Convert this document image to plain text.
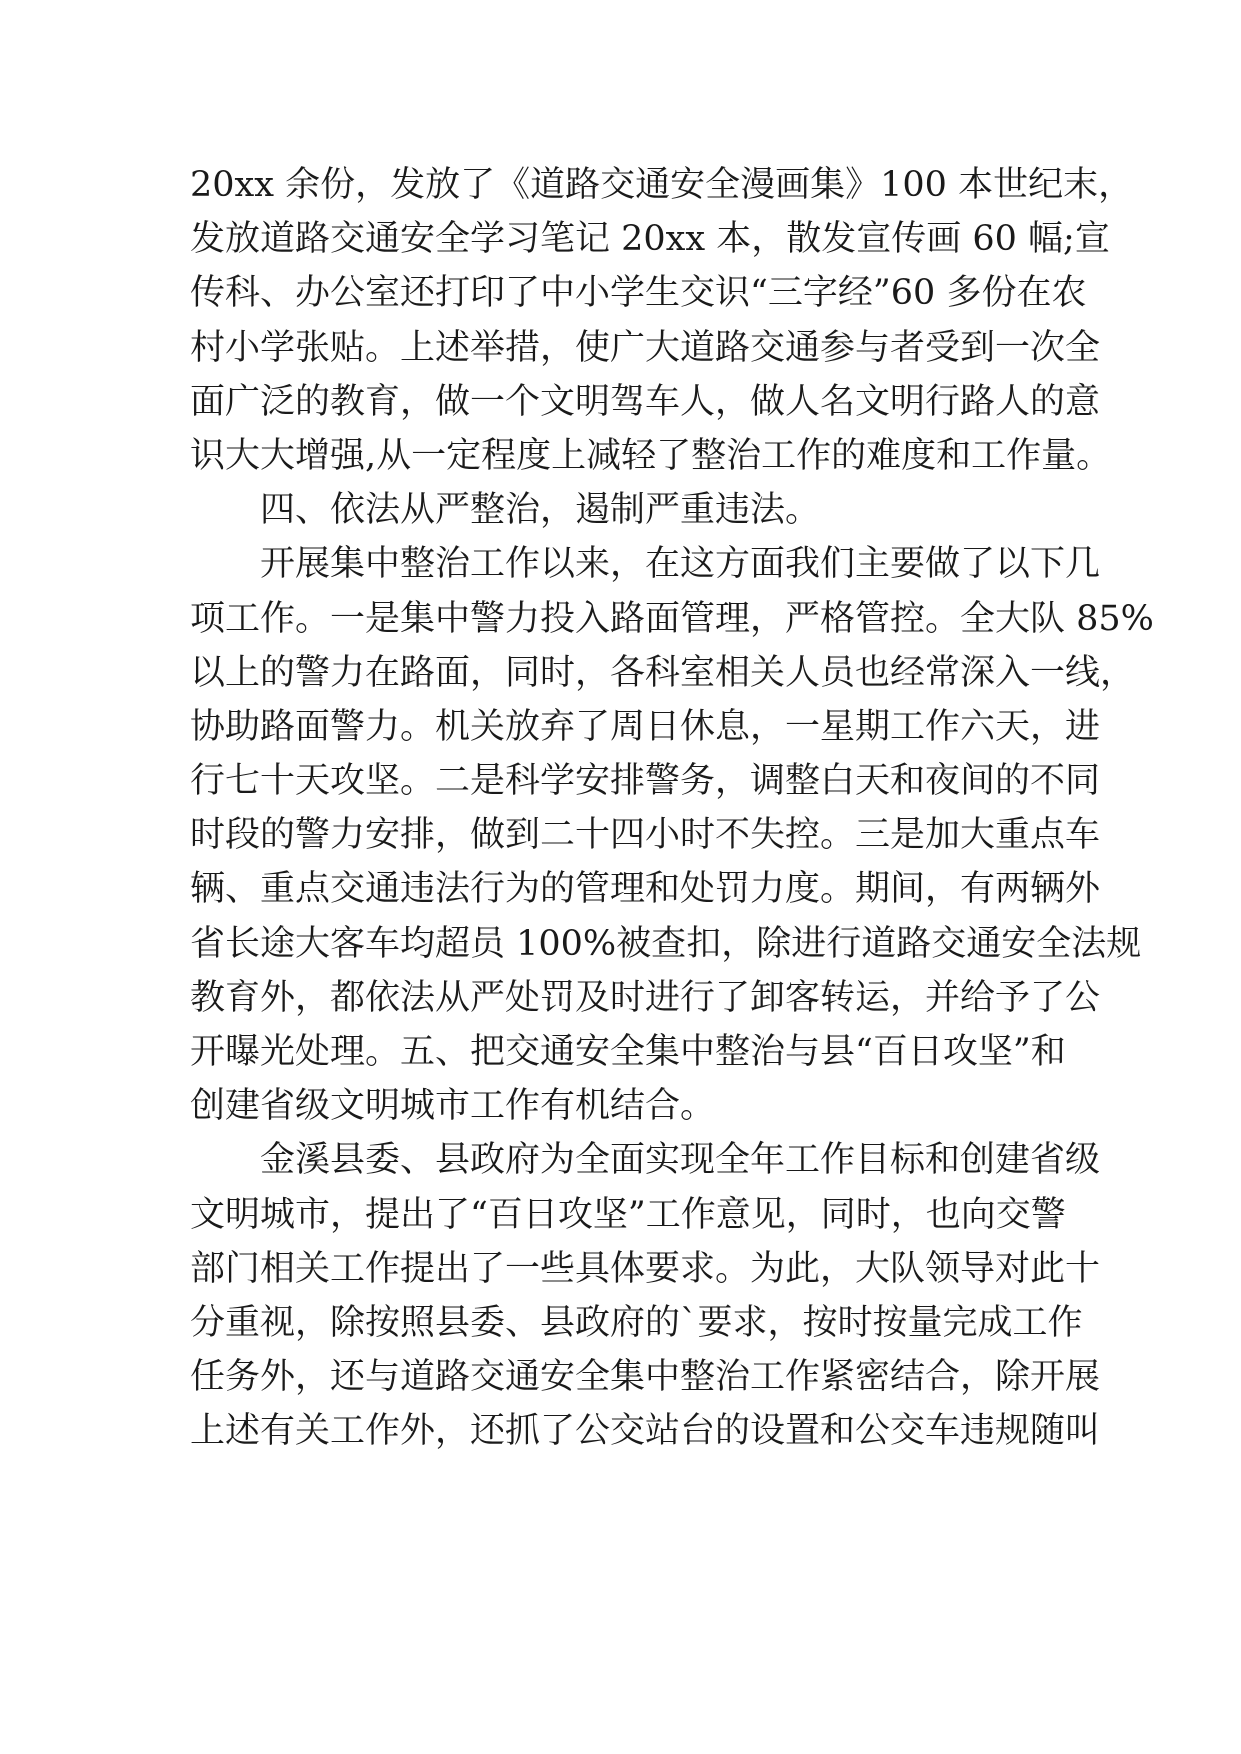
20xx 余份，发放了《道路交通安全漫画集》100 本世纪末，
发放道路交通安全学习笔记 20xx 本，散发宣传画 60 幅;宣
传科、办公室还打印了中小学生交识“三字经”60 多份在农
村小学张贴。上述举措，使广大道路交通参与者受到一次全
面广泛的教育，做一个文明驾车人，做人名文明行路人的意
识大大增强,从一定程度上减轻了整治工作的难度和工作量。
四、依法从严整治，遏制严重违法。
开展集中整治工作以来，在这方面我们主要做了以下几
项工作。一是集中警力投入路面管理，严格管控。全大队 85%
以上的警力在路面，同时，各科室相关人员也经常深入一线，
协助路面警力。机关放弃了周日休息，一星期工作六天，进
行七十天攻坚。二是科学安排警务，调整白天和夜间的不同
时段的警力安排，做到二十四小时不失控。三是加大重点车
辆、重点交通违法行为的管理和处罚力度。期间，有两辆外
省长途大客车均超员 100%被查扣，除进行道路交通安全法规
教育外，都依法从严处罚及时进行了卸客转运，并给予了公
开曝光处理。五、把交通安全集中整治与县“百日攻坚”和
创建省级文明城市工作有机结合。
金溪县委、县政府为全面实现全年工作目标和创建省级
文明城市，提出了“百日攻坚”工作意见，同时，也向交警
部门相关工作提出了一些具体要求。为此，大队领导对此十
分重视，除按照县委、县政府的`要求，按时按量完成工作
任务外，还与道路交通安全集中整治工作紧密结合，除开展
上述有关工作外，还抓了公交站台的设置和公交车违规随叫
